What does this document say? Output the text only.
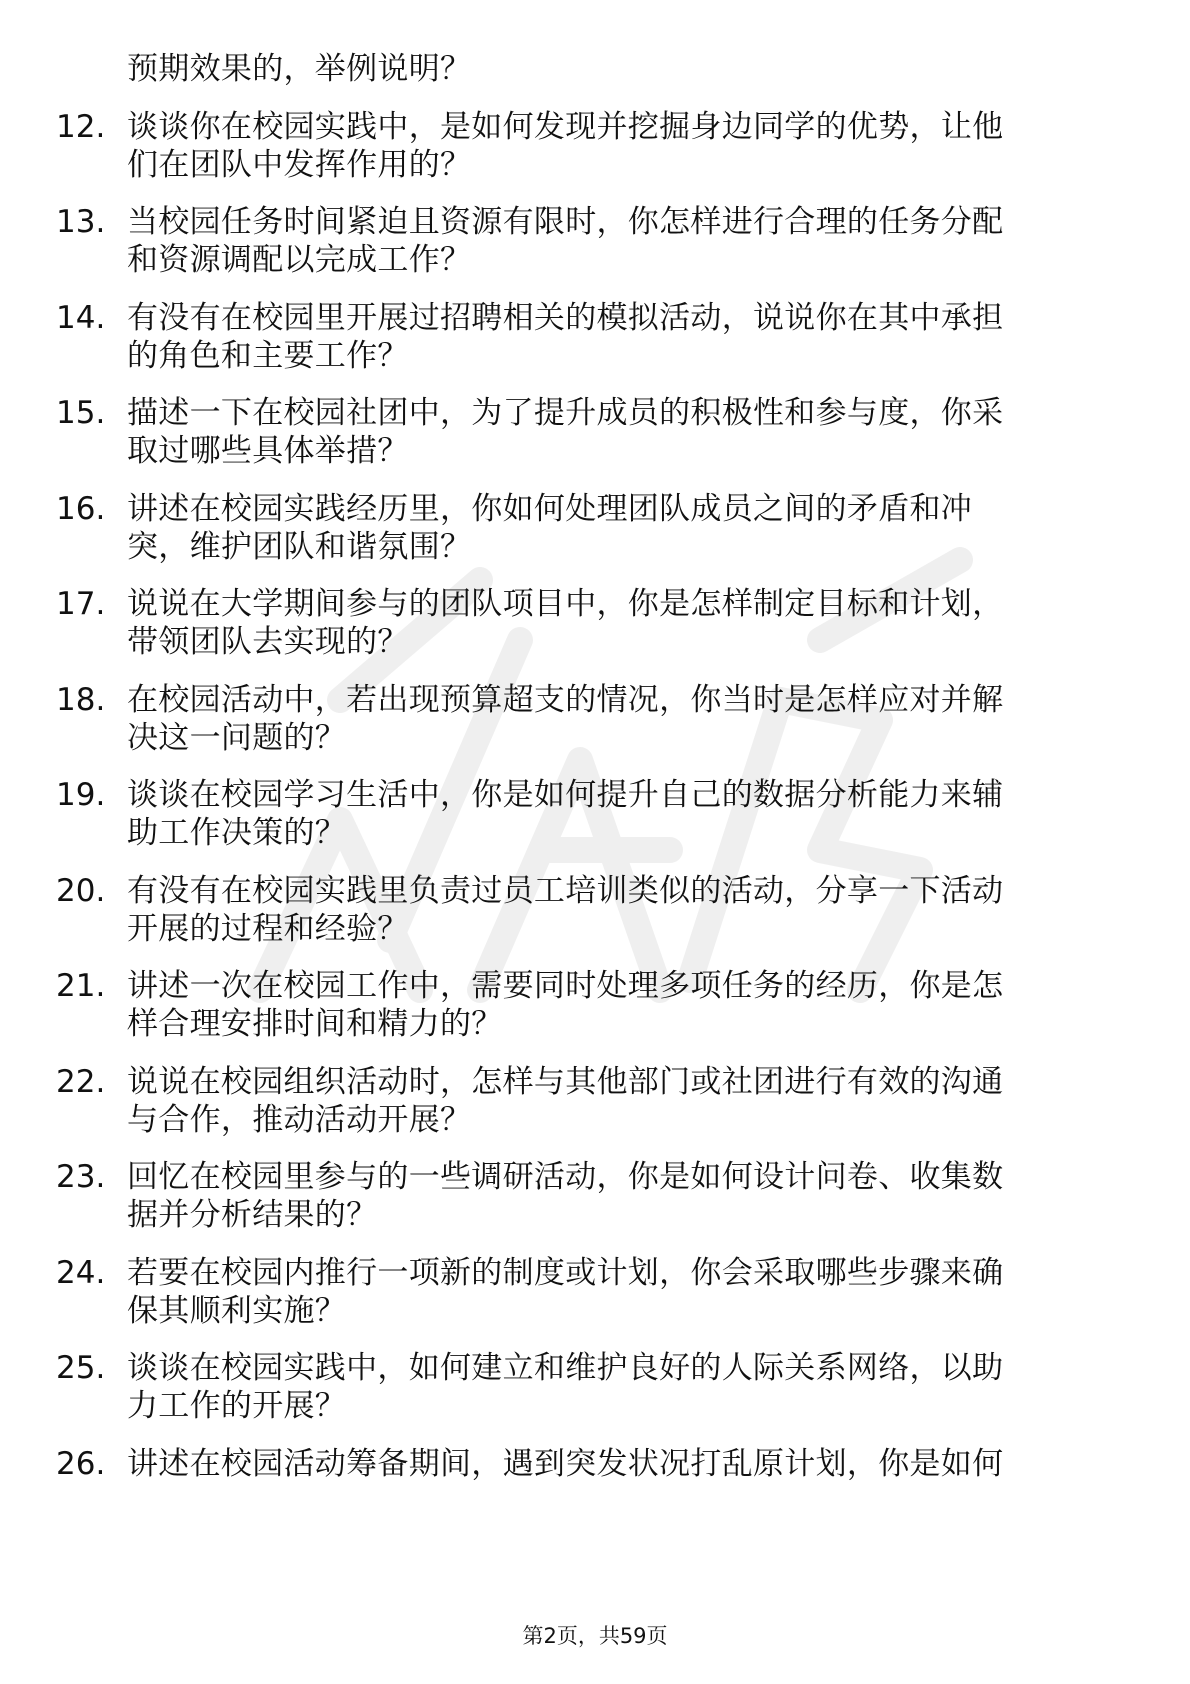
预期效果的，举例说明？
12. 谈谈你在校园实践中，是如何发现并挖掘身边同学的优势，让他
们在团队中发挥作用的？
13. 当校园任务时间紧迫且资源有限时，你怎样进行合理的任务分配
和资源调配以完成工作？
14. 有没有在校园里开展过招聘相关的模拟活动，说说你在其中承担
的角色和主要工作？
15. 描述一下在校园社团中，为了提升成员的积极性和参与度，你采
取过哪些具体举措？
16. 讲述在校园实践经历里，你如何处理团队成员之间的矛盾和冲
突，维护团队和谐氛围？
17. 说说在大学期间参与的团队项目中，你是怎样制定目标和计划，
带领团队去实现的？
18. 在校园活动中，若出现预算超支的情况，你当时是怎样应对并解
决这一问题的？
19. 谈谈在校园学习生活中，你是如何提升自己的数据分析能力来辅
助工作决策的？
20. 有没有在校园实践里负责过员工培训类似的活动，分享一下活动
开展的过程和经验？
21. 讲述一次在校园工作中，需要同时处理多项任务的经历，你是怎
样合理安排时间和精力的？
22. 说说在校园组织活动时，怎样与其他部门或社团进行有效的沟通
与合作，推动活动开展？
23. 回忆在校园里参与的一些调研活动，你是如何设计问卷、收集数
据并分析结果的？
24. 若要在校园内推行一项新的制度或计划，你会采取哪些步骤来确
保其顺利实施？
25. 谈谈在校园实践中，如何建立和维护良好的人际关系网络，以助
力工作的开展？
26. 讲述在校园活动筹备期间，遇到突发状况打乱原计划，你是如何
第2页，共59页
